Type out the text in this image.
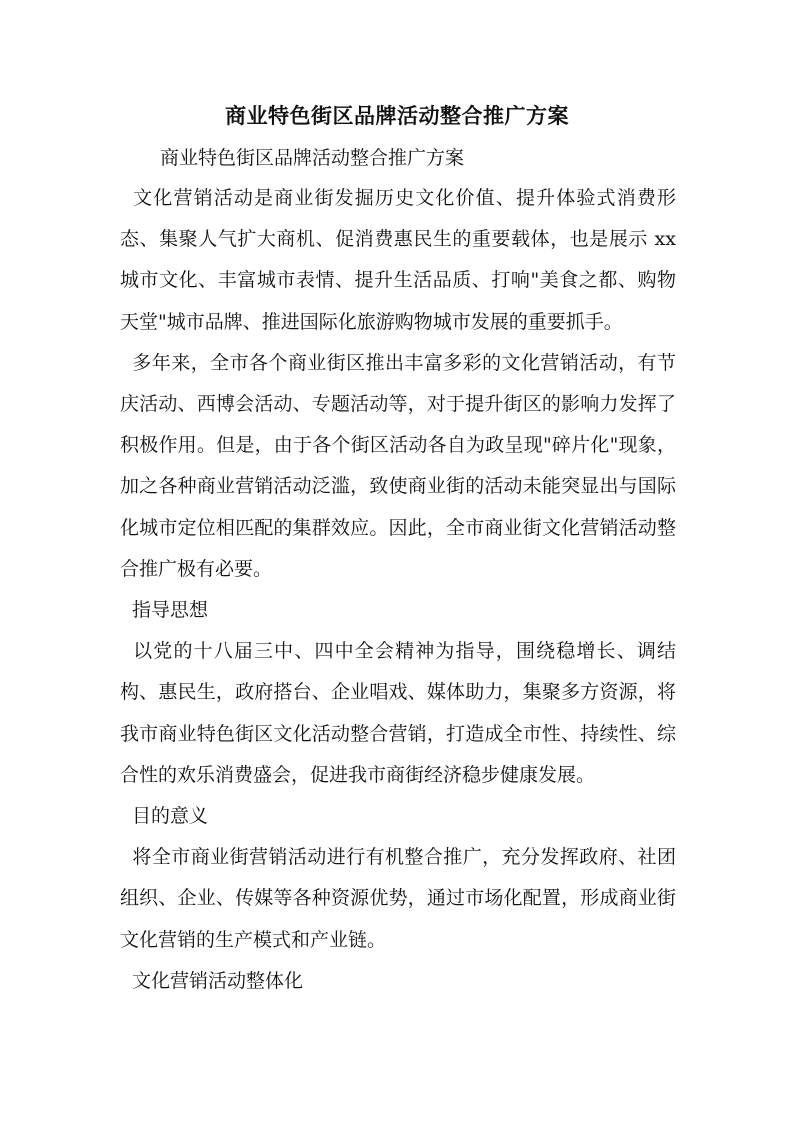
商业特色街区品牌活动整合推广方案
商业特色街区品牌活动整合推广方案

文化营销活动是商业街发掘历史文化价值、提升体验式消费形态、集聚人气扩大商机、促消费惠民生的重要载体，也是展示 xx 城市文化、丰富城市表情、提升生活品质、打响"美食之都、购物天堂"城市品牌、推进国际化旅游购物城市发展的重要抓手。

多年来，全市各个商业街区推出丰富多彩的文化营销活动，有节庆活动、西博会活动、专题活动等，对于提升街区的影响力发挥了积极作用。但是，由于各个街区活动各自为政呈现"碎片化"现象，加之各种商业营销活动泛滥，致使商业街的活动未能突显出与国际化城市定位相匹配的集群效应。因此，全市商业街文化营销活动整合推广极有必要。

指导思想

以党的十八届三中、四中全会精神为指导，围绕稳增长、调结构、惠民生，政府搭台、企业唱戏、媒体助力，集聚多方资源，将我市商业特色街区文化活动整合营销，打造成全市性、持续性、综合性的欢乐消费盛会，促进我市商街经济稳步健康发展。

目的意义

将全市商业街营销活动进行有机整合推广，充分发挥政府、社团组织、企业、传媒等各种资源优势，通过市场化配置，形成商业街文化营销的生产模式和产业链。

文化营销活动整体化
